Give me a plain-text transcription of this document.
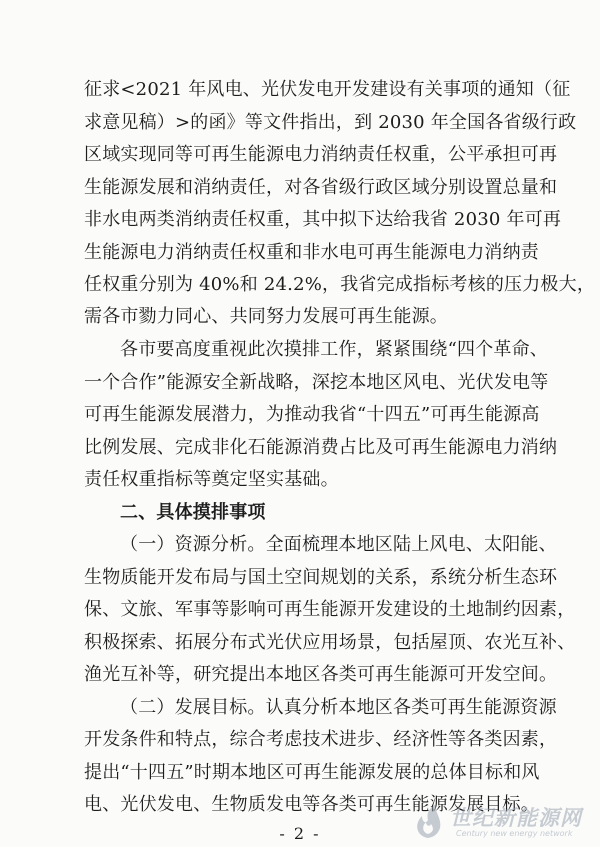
征求<2021 年风电、光伏发电开发建设有关事项的通知（征
求意见稿）>的函》等文件指出，到 2030 年全国各省级行政
区域实现同等可再生能源电力消纳责任权重，公平承担可再
生能源发展和消纳责任，对各省级行政区域分别设置总量和
非水电两类消纳责任权重，其中拟下达给我省 2030 年可再
生能源电力消纳责任权重和非水电可再生能源电力消纳责
任权重分别为 40%和 24.2%，我省完成指标考核的压力极大，
需各市勠力同心、共同努力发展可再生能源。
各市要高度重视此次摸排工作，紧紧围绕“四个革命、
一个合作”能源安全新战略，深挖本地区风电、光伏发电等
可再生能源发展潜力，为推动我省“十四五”可再生能源高
比例发展、完成非化石能源消费占比及可再生能源电力消纳
责任权重指标等奠定坚实基础。
二、具体摸排事项
（一）资源分析。全面梳理本地区陆上风电、太阳能、
生物质能开发布局与国土空间规划的关系，系统分析生态环
保、文旅、军事等影响可再生能源开发建设的土地制约因素，
积极探索、拓展分布式光伏应用场景，包括屋顶、农光互补、
渔光互补等，研究提出本地区各类可再生能源可开发空间。
（二）发展目标。认真分析本地区各类可再生能源资源
开发条件和特点，综合考虑技术进步、经济性等各类因素，
提出“十四五”时期本地区可再生能源发展的总体目标和风
电、光伏发电、生物质发电等各类可再生能源发展目标。
- 2 -
世纪新能源网
Century new energy network
